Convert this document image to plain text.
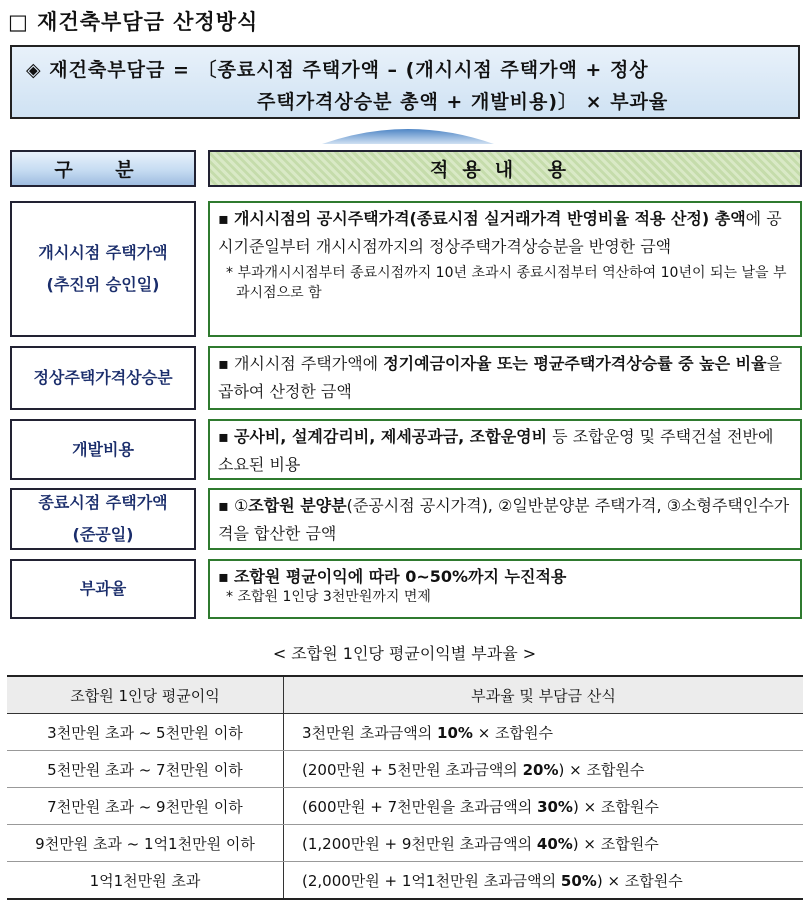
□ 재건축부담금 산정방식
◈ 재건축부담금 = 〔종료시점 주택가액 – (개시시점 주택가액 + 정상
주택가격상승분 총액 + 개발비용)〕 × 부과율
구 분	적용내 용
개시시점 주택가액
(추진위 승인일)
▪ 개시시점의 공시주택가격(종료시점 실거래가격 반영비율 적용 산정) 총액에 공시기준일부터 개시시점까지의 정상주택가격상승분을 반영한 금액
* 부과개시시점부터 종료시점까지 10년 초과시 종료시점부터 역산하여 10년이 되는 날을 부과시점으로 함
정상주택가격상승분
▪ 개시시점 주택가액에 정기예금이자율 또는 평균주택가격상승률 중 높은 비율을 곱하여 산정한 금액
개발비용
▪ 공사비, 설계감리비, 제세공과금, 조합운영비 등 조합운영 및 주택건설 전반에 소요된 비용
종료시점 주택가액
(준공일)
▪ ①조합원 분양분(준공시점 공시가격), ②일반분양분 주택가격, ③소형주택인수가격을 합산한 금액
부과율
▪ 조합원 평균이익에 따라 0~50%까지 누진적용
* 조합원 1인당 3천만원까지 면제
< 조합원 1인당 평균이익별 부과율 >
조합원 1인당 평균이익	부과율 및 부담금 산식
3천만원 초과 ~ 5천만원 이하	3천만원 초과금액의 10% × 조합원수
5천만원 초과 ~ 7천만원 이하	(200만원 + 5천만원 초과금액의 20%) × 조합원수
7천만원 초과 ~ 9천만원 이하	(600만원 + 7천만원을 초과금액의 30%) × 조합원수
9천만원 초과 ~ 1억1천만원 이하	(1,200만원 + 9천만원 초과금액의 40%) × 조합원수
1억1천만원 초과	(2,000만원 + 1억1천만원 초과금액의 50%) × 조합원수
